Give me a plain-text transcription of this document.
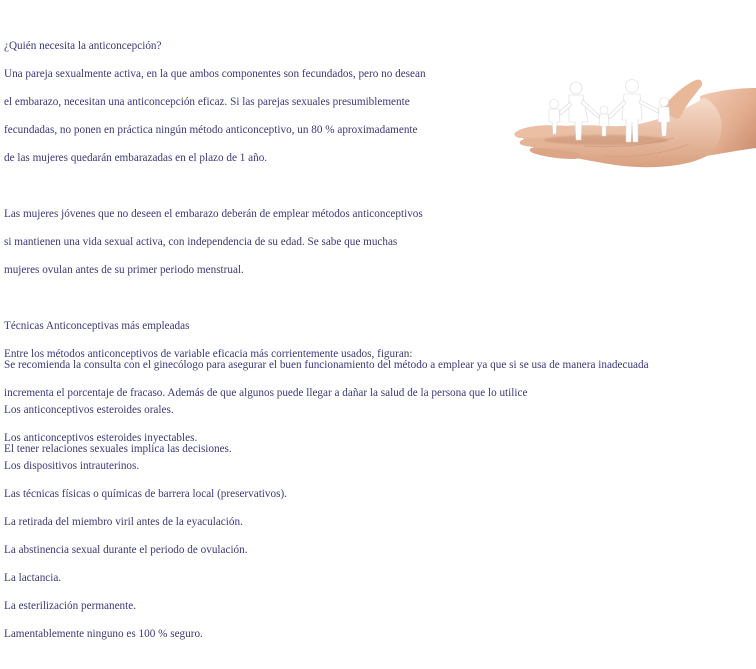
¿Quién necesita la anticoncepción?

Una pareja sexualmente activa, en la que ambos componentes son fecundados, pero no desean

el embarazo, necesitan una anticoncepción eficaz. Si las parejas sexuales presumiblemente

fecundadas, no ponen en práctica ningún método anticonceptivo, un 80 % aproximadamente

de las mujeres quedarán embarazadas en el plazo de 1 año.

Las mujeres jóvenes que no deseen el embarazo deberán de emplear métodos anticonceptivos

si mantienen una vida sexual activa, con independencia de su edad. Se sabe que muchas

mujeres ovulan antes de su primer periodo menstrual.

Técnicas Anticonceptivas más empleadas

Entre los métodos anticonceptivos de variable eficacia más corrientemente usados, figuran:

Los anticonceptivos esteroides orales.

Los anticonceptivos esteroides inyectables.

Los dispositivos intrauterinos.

Las técnicas físicas o químicas de barrera local (preservativos).

La retirada del miembro viril antes de la eyaculación.

La abstinencia sexual durante el periodo de ovulación.

La lactancia.

La esterilización permanente.

Lamentablemente ninguno es 100 % seguro.

Se recomienda la consulta con el ginecólogo para asegurar el buen funcionamiento del método a emplear ya que si se usa de manera inadecuada

incrementa el porcentaje de fracaso. Además de que algunos puede llegar a dañar la salud de la persona que lo utilice

El tener relaciones sexuales implica las decisiones.
